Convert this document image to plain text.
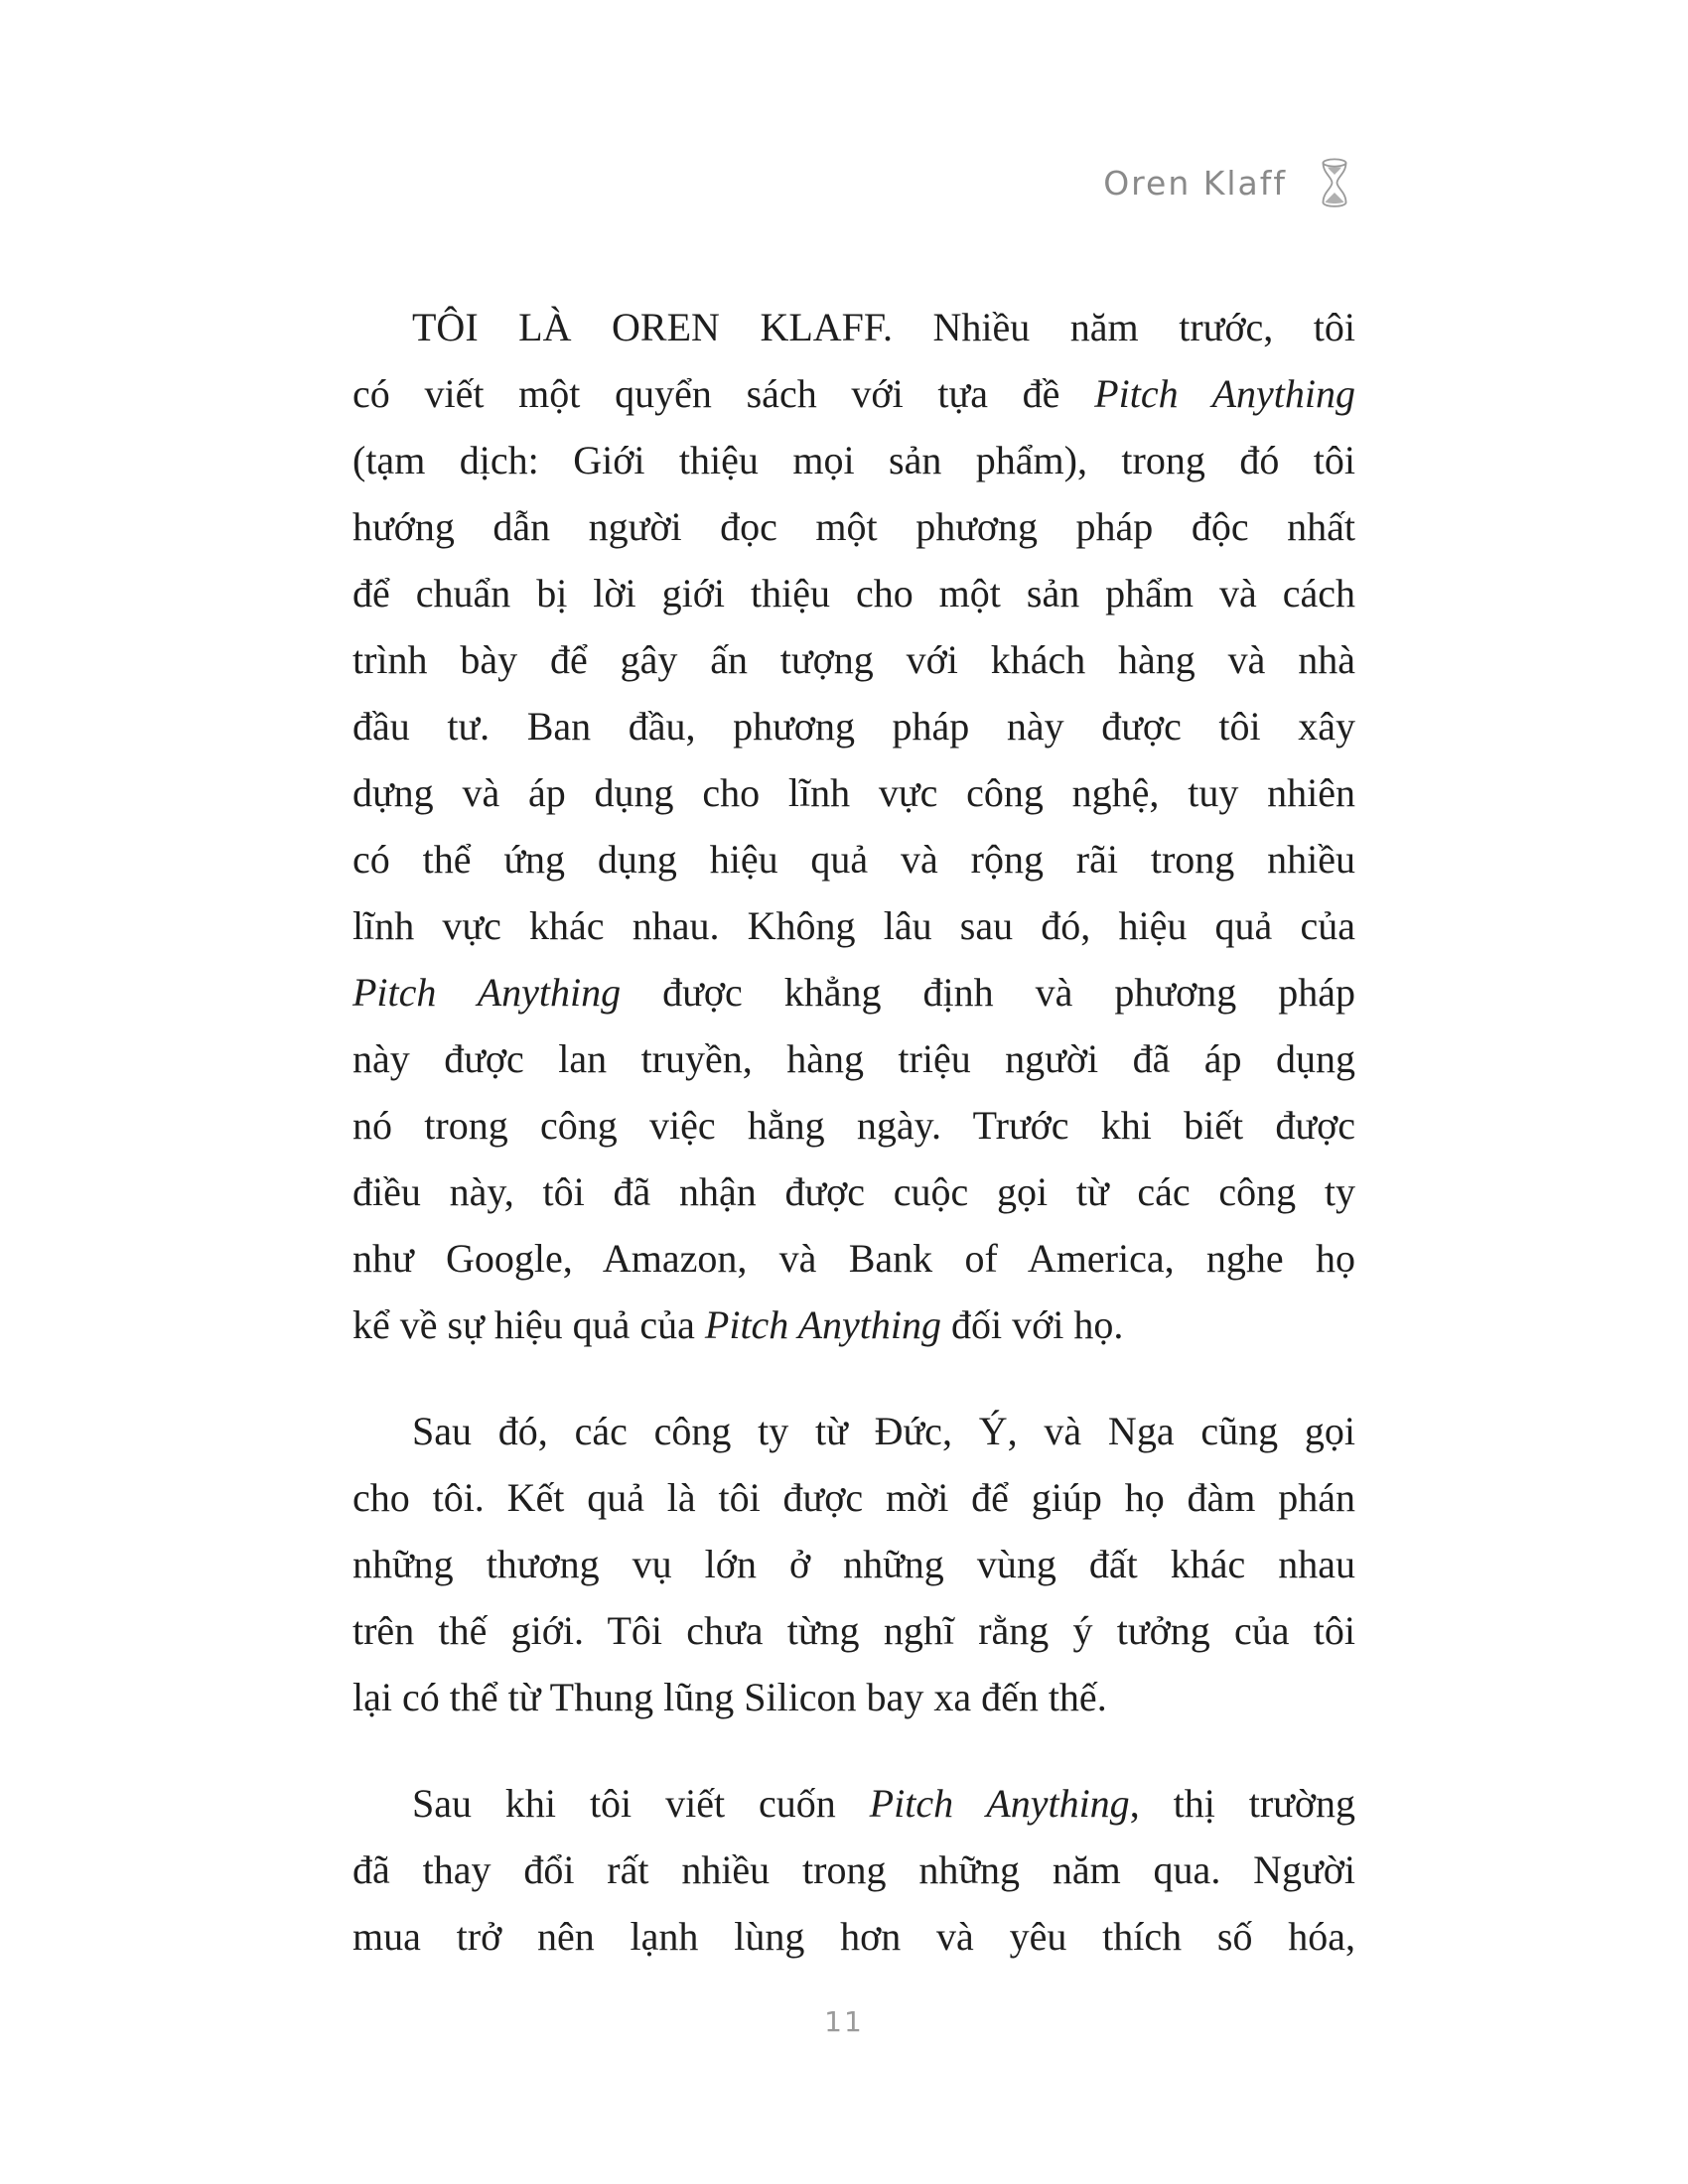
Oren Klaff
TÔI LÀ OREN KLAFF. Nhiều năm trước, tôi
có viết một quyển sách với tựa đề Pitch Anything
(tạm dịch: Giới thiệu mọi sản phẩm), trong đó tôi
hướng dẫn người đọc một phương pháp độc nhất
để chuẩn bị lời giới thiệu cho một sản phẩm và cách
trình bày để gây ấn tượng với khách hàng và nhà
đầu tư. Ban đầu, phương pháp này được tôi xây
dựng và áp dụng cho lĩnh vực công nghệ, tuy nhiên
có thể ứng dụng hiệu quả và rộng rãi trong nhiều
lĩnh vực khác nhau. Không lâu sau đó, hiệu quả của
Pitch Anything được khẳng định và phương pháp
này được lan truyền, hàng triệu người đã áp dụng
nó trong công việc hằng ngày. Trước khi biết được
điều này, tôi đã nhận được cuộc gọi từ các công ty
như Google, Amazon, và Bank of America, nghe họ
kể về sự hiệu quả của Pitch Anything đối với họ.
Sau đó, các công ty từ Đức, Ý, và Nga cũng gọi
cho tôi. Kết quả là tôi được mời để giúp họ đàm phán
những thương vụ lớn ở những vùng đất khác nhau
trên thế giới. Tôi chưa từng nghĩ rằng ý tưởng của tôi
lại có thể từ Thung lũng Silicon bay xa đến thế.
Sau khi tôi viết cuốn Pitch Anything, thị trường
đã thay đổi rất nhiều trong những năm qua. Người
mua trở nên lạnh lùng hơn và yêu thích số hóa,
11
